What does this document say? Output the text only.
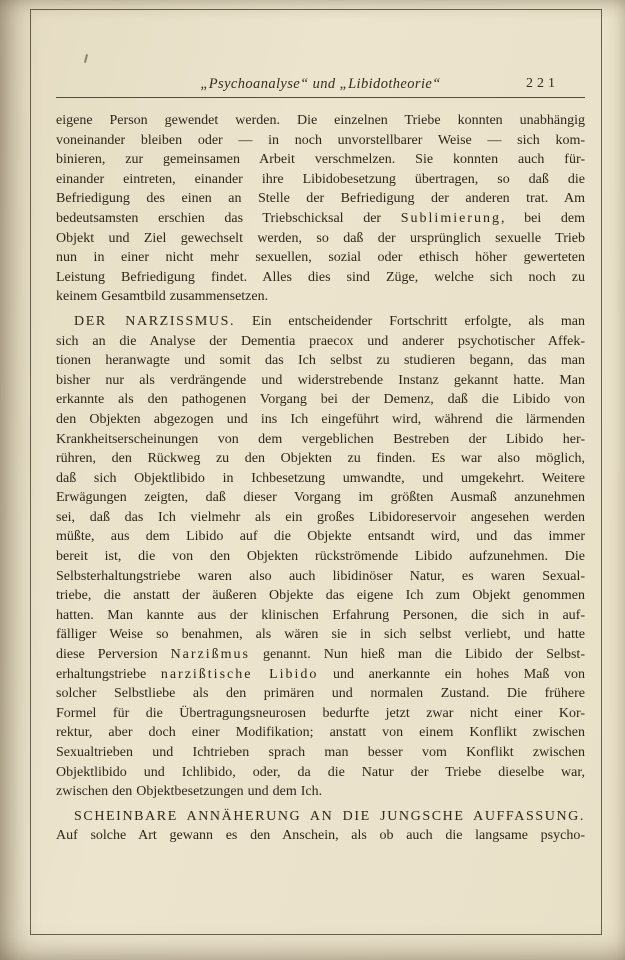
„Psychoanalyse“ und „Libidotheorie“	221
eigene Person gewendet werden. Die einzelnen Triebe konnten unabhängig
voneinander bleiben oder — in noch unvorstellbarer Weise — sich kom-
binieren, zur gemeinsamen Arbeit verschmelzen. Sie konnten auch für-
einander eintreten, einander ihre Libidobesetzung übertragen, so daß die
Befriedigung des einen an Stelle der Befriedigung der anderen trat. Am
bedeutsamsten erschien das Triebschicksal der Sublimierung, bei dem
Objekt und Ziel gewechselt werden, so daß der ursprünglich sexuelle Trieb
nun in einer nicht mehr sexuellen, sozial oder ethisch höher gewerteten
Leistung Befriedigung findet. Alles dies sind Züge, welche sich noch zu
keinem Gesamtbild zusammensetzen.
DER NARZISSMUS. Ein entscheidender Fortschritt erfolgte, als man
sich an die Analyse der Dementia praecox und anderer psychotischer Affek-
tionen heranwagte und somit das Ich selbst zu studieren begann, das man
bisher nur als verdrängende und widerstrebende Instanz gekannt hatte. Man
erkannte als den pathogenen Vorgang bei der Demenz, daß die Libido von
den Objekten abgezogen und ins Ich eingeführt wird, während die lärmenden
Krankheitserscheinungen von dem vergeblichen Bestreben der Libido her-
rühren, den Rückweg zu den Objekten zu finden. Es war also möglich,
daß sich Objektlibido in Ichbesetzung umwandte, und umgekehrt. Weitere
Erwägungen zeigten, daß dieser Vorgang im größten Ausmaß anzunehmen
sei, daß das Ich vielmehr als ein großes Libidoreservoir angesehen werden
müßte, aus dem Libido auf die Objekte entsandt wird, und das immer
bereit ist, die von den Objekten rückströmende Libido aufzunehmen. Die
Selbsterhaltungstriebe waren also auch libidinöser Natur, es waren Sexual-
triebe, die anstatt der äußeren Objekte das eigene Ich zum Objekt genommen
hatten. Man kannte aus der klinischen Erfahrung Personen, die sich in auf-
fälliger Weise so benahmen, als wären sie in sich selbst verliebt, und hatte
diese Perversion Narzißmus genannt. Nun hieß man die Libido der Selbst-
erhaltungstriebe narzißtische Libido und anerkannte ein hohes Maß von
solcher Selbstliebe als den primären und normalen Zustand. Die frühere
Formel für die Übertragungsneurosen bedurfte jetzt zwar nicht einer Kor-
rektur, aber doch einer Modifikation; anstatt von einem Konflikt zwischen
Sexualtrieben und Ichtrieben sprach man besser vom Konflikt zwischen
Objektlibido und Ichlibido, oder, da die Natur der Triebe dieselbe war,
zwischen den Objektbesetzungen und dem Ich.
SCHEINBARE ANNÄHERUNG AN DIE JUNGSCHE AUFFASSUNG.
Auf solche Art gewann es den Anschein, als ob auch die langsame psycho-
